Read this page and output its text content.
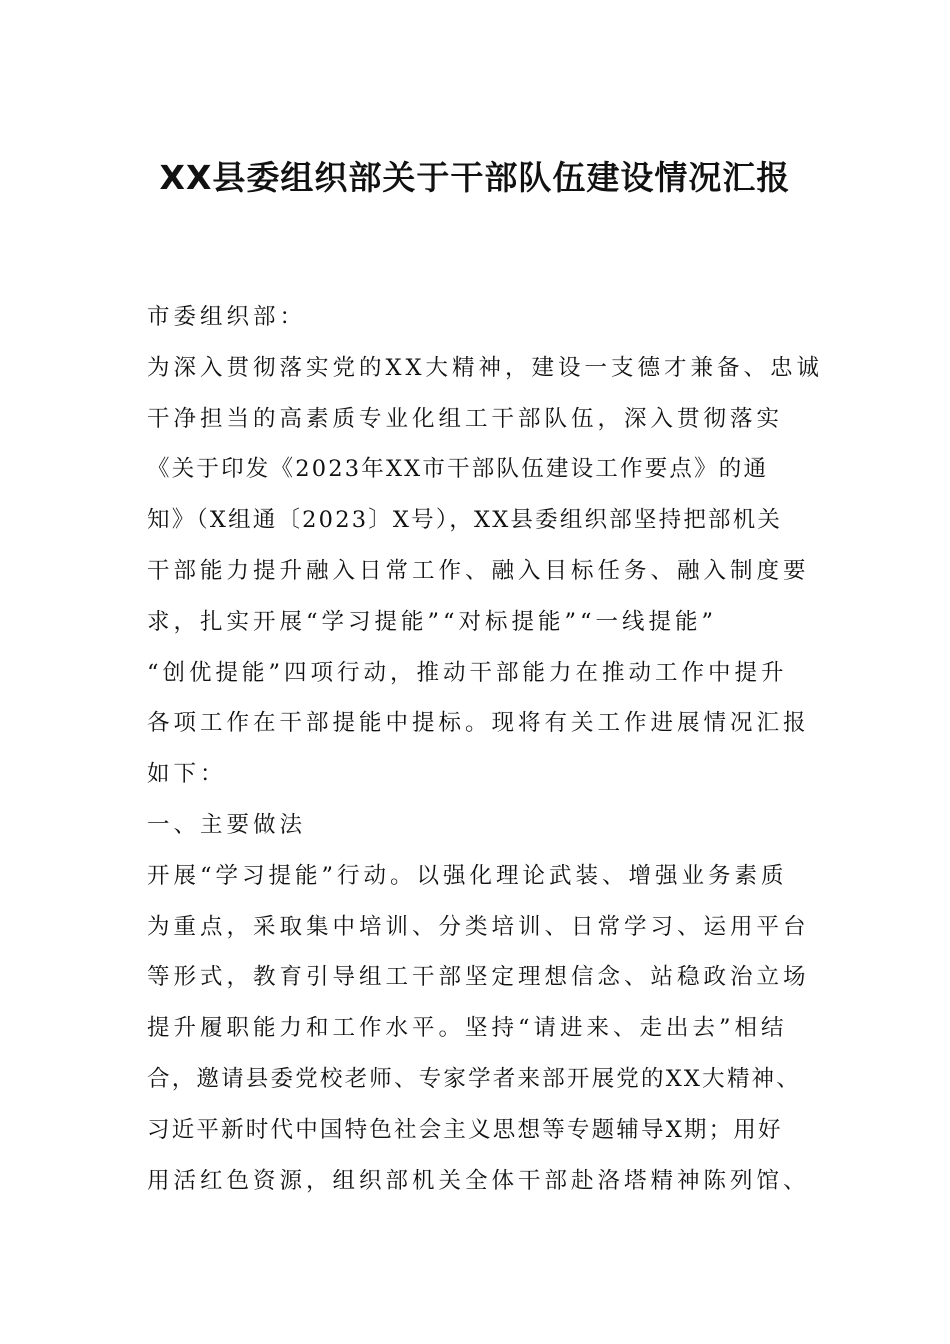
XX县委组织部关于干部队伍建设情况汇报
市委组织部：
为深入贯彻落实党的XX大精神，建设一支德才兼备、忠诚
干净担当的高素质专业化组工干部队伍，深入贯彻落实
《关于印发《2023年XX市干部队伍建设工作要点》的通
知》（X组通〔2023〕X号），XX县委组织部坚持把部机关
干部能力提升融入日常工作、融入目标任务、融入制度要
求，扎实开展“学习提能”“对标提能”“一线提能”
“创优提能”四项行动，推动干部能力在推动工作中提升
各项工作在干部提能中提标。现将有关工作进展情况汇报
如下：
一、主要做法
开展“学习提能”行动。以强化理论武装、增强业务素质
为重点，采取集中培训、分类培训、日常学习、运用平台
等形式，教育引导组工干部坚定理想信念、站稳政治立场
提升履职能力和工作水平。坚持“请进来、走出去”相结
合，邀请县委党校老师、专家学者来部开展党的XX大精神、
习近平新时代中国特色社会主义思想等专题辅导X期；用好
用活红色资源，组织部机关全体干部赴洛塔精神陈列馆、
